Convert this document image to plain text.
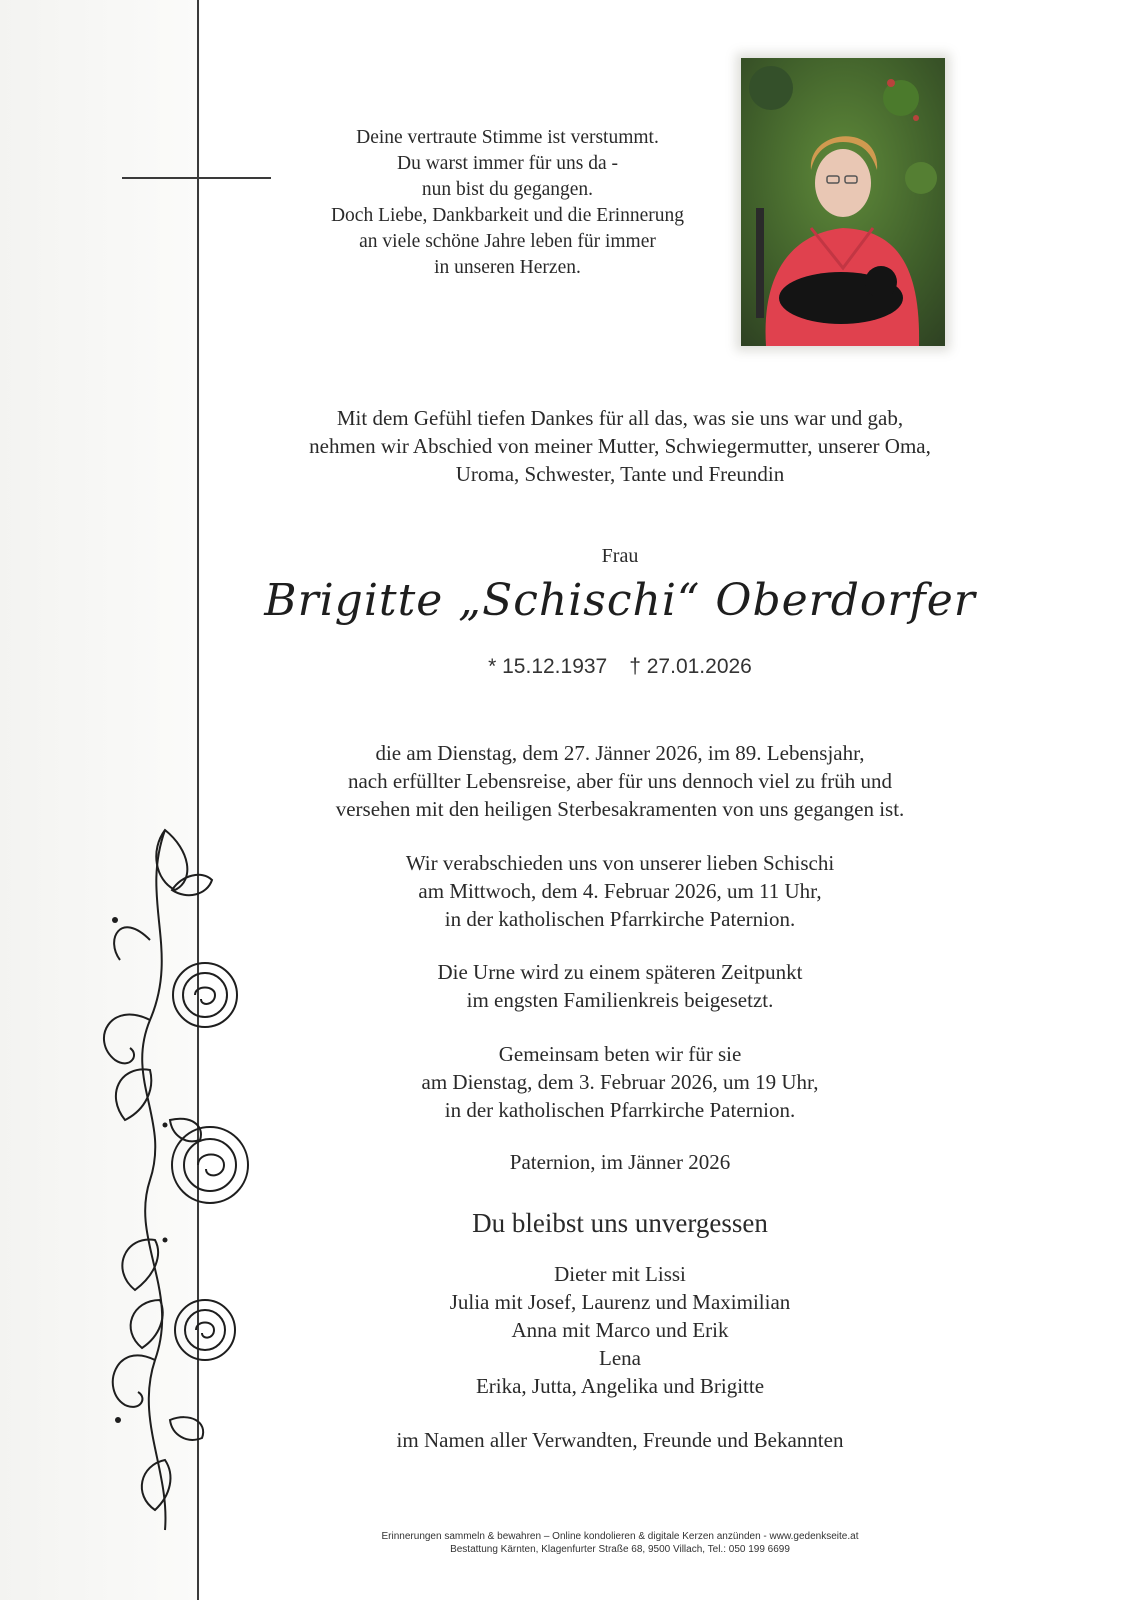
Deine vertraute Stimme ist verstummt.
Du warst immer für uns da -
nun bist du gegangen.
Doch Liebe, Dankbarkeit und die Erinnerung
an viele schöne Jahre leben für immer
in unseren Herzen.
Mit dem Gefühl tiefen Dankes für all das, was sie uns war und gab,
nehmen wir Abschied von meiner Mutter, Schwiegermutter, unserer Oma,
Uroma, Schwester, Tante und Freundin
Frau
Brigitte „Schischi“ Oberdorfer
* 15.12.1937 † 27.01.2026
die am Dienstag, dem 27. Jänner 2026, im 89. Lebensjahr,
nach erfüllter Lebensreise, aber für uns dennoch viel zu früh und
versehen mit den heiligen Sterbesakramenten von uns gegangen ist.
Wir verabschieden uns von unserer lieben Schischi
am Mittwoch, dem 4. Februar 2026, um 11 Uhr,
in der katholischen Pfarrkirche Paternion.
Die Urne wird zu einem späteren Zeitpunkt
im engsten Familienkreis beigesetzt.
Gemeinsam beten wir für sie
am Dienstag, dem 3. Februar 2026, um 19 Uhr,
in der katholischen Pfarrkirche Paternion.
Paternion, im Jänner 2026
Du bleibst uns unvergessen
Dieter mit Lissi
Julia mit Josef, Laurenz und Maximilian
Anna mit Marco und Erik
Lena
Erika, Jutta, Angelika und Brigitte
im Namen aller Verwandten, Freunde und Bekannten
Erinnerungen sammeln & bewahren – Online kondolieren & digitale Kerzen anzünden - www.gedenkseite.at
Bestattung Kärnten, Klagenfurter Straße 68, 9500 Villach, Tel.: 050 199 6699
